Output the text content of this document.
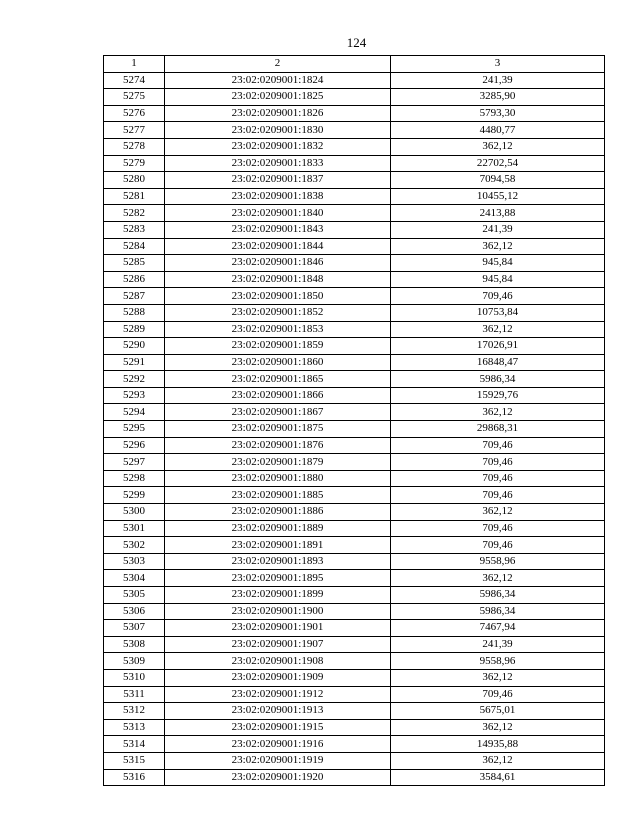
124
1	2	3
5274	23:02:0209001:1824	241,39
5275	23:02:0209001:1825	3285,90
5276	23:02:0209001:1826	5793,30
5277	23:02:0209001:1830	4480,77
5278	23:02:0209001:1832	362,12
5279	23:02:0209001:1833	22702,54
5280	23:02:0209001:1837	7094,58
5281	23:02:0209001:1838	10455,12
5282	23:02:0209001:1840	2413,88
5283	23:02:0209001:1843	241,39
5284	23:02:0209001:1844	362,12
5285	23:02:0209001:1846	945,84
5286	23:02:0209001:1848	945,84
5287	23:02:0209001:1850	709,46
5288	23:02:0209001:1852	10753,84
5289	23:02:0209001:1853	362,12
5290	23:02:0209001:1859	17026,91
5291	23:02:0209001:1860	16848,47
5292	23:02:0209001:1865	5986,34
5293	23:02:0209001:1866	15929,76
5294	23:02:0209001:1867	362,12
5295	23:02:0209001:1875	29868,31
5296	23:02:0209001:1876	709,46
5297	23:02:0209001:1879	709,46
5298	23:02:0209001:1880	709,46
5299	23:02:0209001:1885	709,46
5300	23:02:0209001:1886	362,12
5301	23:02:0209001:1889	709,46
5302	23:02:0209001:1891	709,46
5303	23:02:0209001:1893	9558,96
5304	23:02:0209001:1895	362,12
5305	23:02:0209001:1899	5986,34
5306	23:02:0209001:1900	5986,34
5307	23:02:0209001:1901	7467,94
5308	23:02:0209001:1907	241,39
5309	23:02:0209001:1908	9558,96
5310	23:02:0209001:1909	362,12
5311	23:02:0209001:1912	709,46
5312	23:02:0209001:1913	5675,01
5313	23:02:0209001:1915	362,12
5314	23:02:0209001:1916	14935,88
5315	23:02:0209001:1919	362,12
5316	23:02:0209001:1920	3584,61
